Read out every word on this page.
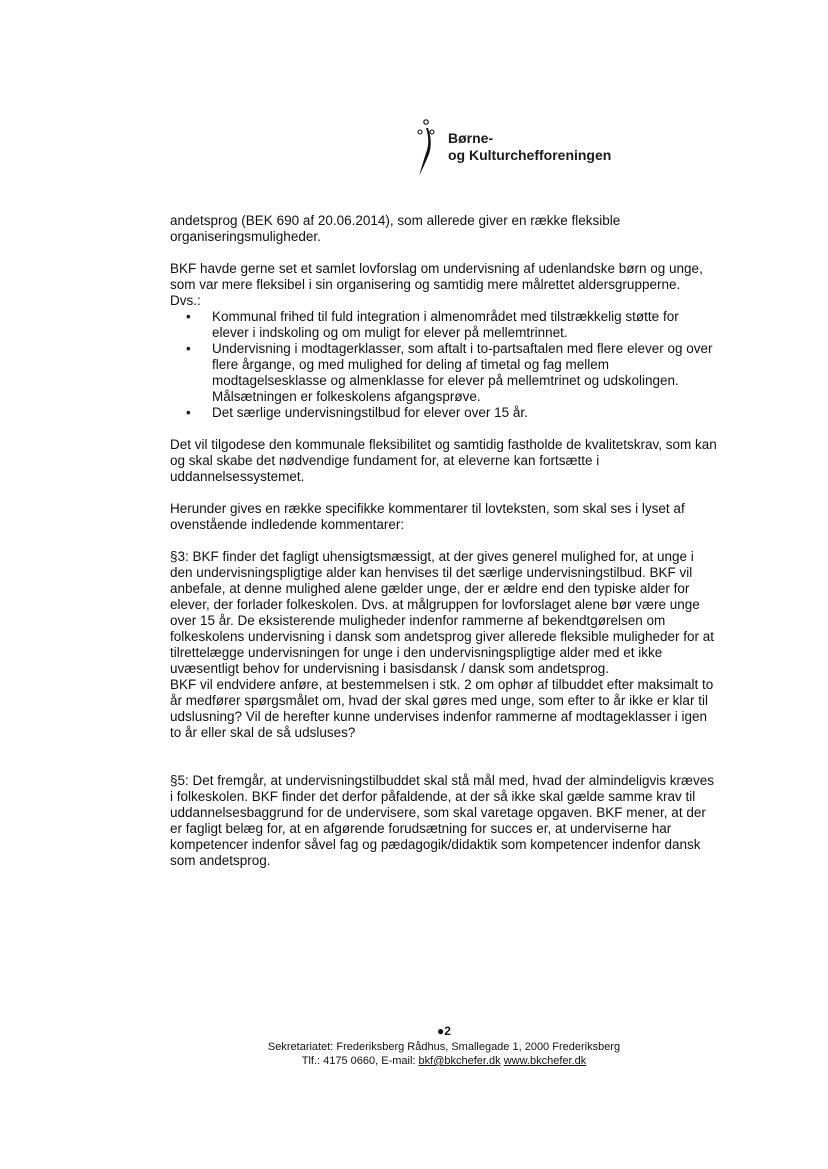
Børne-
og Kulturchefforeningen

andetsprog (BEK 690 af 20.06.2014), som allerede giver en række fleksible organiseringsmuligheder.

BKF havde gerne set et samlet lovforslag om undervisning af udenlandske børn og unge, som var mere fleksibel i sin organisering og samtidig mere målrettet aldersgrupperne.

Dvs.:
• Kommunal frihed til fuld integration i almenområdet med tilstrækkelig støtte for elever i indskoling og om muligt for elever på mellemtrinnet.
• Undervisning i modtagerklasser, som aftalt i to-partsaftalen med flere elever og over flere årgange, og med mulighed for deling af timetal og fag mellem modtagelsesklasse og almenklasse for elever på mellemtrinet og udskolingen. Målsætningen er folkeskolens afgangsprøve.
• Det særlige undervisningstilbud for elever over 15 år.

Det vil tilgodese den kommunale fleksibilitet og samtidig fastholde de kvalitetskrav, som kan og skal skabe det nødvendige fundament for, at eleverne kan fortsætte i uddannelsessystemet.

Herunder gives en række specifikke kommentarer til lovteksten, som skal ses i lyset af ovenstående indledende kommentarer:

§3: BKF finder det fagligt uhensigtsmæssigt, at der gives generel mulighed for, at unge i den undervisningspligtige alder kan henvises til det særlige undervisningstilbud. BKF vil anbefale, at denne mulighed alene gælder unge, der er ældre end den typiske alder for elever, der forlader folkeskolen. Dvs. at målgruppen for lovforslaget alene bør være unge over 15 år. De eksisterende muligheder indenfor rammerne af bekendtgørelsen om folkeskolens undervisning i dansk som andetsprog giver allerede fleksible muligheder for at tilrettelægge undervisningen for unge i den undervisningspligtige alder med et ikke uvæsentligt behov for undervisning i basisdansk / dansk som andetsprog.

BKF vil endvidere anføre, at bestemmelsen i stk. 2 om ophør af tilbuddet efter maksimalt to år medfører spørgsmålet om, hvad der skal gøres med unge, som efter to år ikke er klar til udslusning? Vil de herefter kunne undervises indenfor rammerne af modtageklasser i igen to år eller skal de så udsluses?

§5: Det fremgår, at undervisningstilbuddet skal stå mål med, hvad der almindeligvis kræves i folkeskolen. BKF finder det derfor påfaldende, at der så ikke skal gælde samme krav til uddannelsesbaggrund for de undervisere, som skal varetage opgaven. BKF mener, at der er fagligt belæg for, at en afgørende forudsætning for succes er, at underviserne har kompetencer indenfor såvel fag og pædagogik/didaktik som kompetencer indenfor dansk som andetsprog.

●2
Sekretariatet: Frederiksberg Rådhus, Smallegade 1, 2000 Frederiksberg
Tlf.: 4175 0660, E-mail: bkf@bkchefer.dk www.bkchefer.dk
